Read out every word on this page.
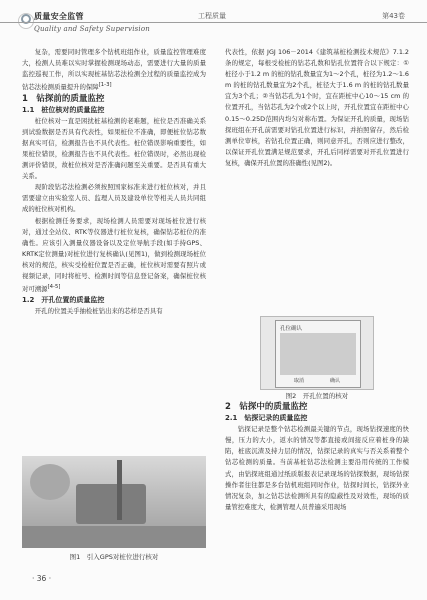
质量安全监管
Quality and Safety Supervision
工程质量	第43卷

复杂，需要同时管理多个钻机班组作业，质量监控管理难度大，检测人员难以实时掌握检测现场动态，需要进行大量的质量监控巡视工作，所以实现桩基钻芯法检测全过程的质量监控成为钻芯法检测质量提升的保障[1-3]

1　钻探前的质量监控

1.1　桩位核对的质量监控

桩位核对一直是困扰桩基检测的老难题，桩位是否准确关系到试验数据是否具有代表性，如果桩位不准确，即便桩位钻芯数据真实可信，检测报告也不具代表性。桩位错误影响重要性，如果桩位错误，检测报告也不具代表性。桩位错误时，必然出现检测评价错误，故桩位核对是否准确问题至关重要。是否具有重大关系。

现阶段钻芯法检测必须按照国家标准来进行桩位核对，并且需要建立由实验室人员、监理人员及建设单位等相关人员共同组成的桩位核对机构。

根据检测任务要求，现场检测人员需要对现场桩位进行核对，通过全站仪、RTK等仪器进行桩位复核，确保钻芯桩位的准确性。应该引入测量仪器设备以及定位导航手段(如手持GPS、KRTK定位测量)对桩位进行复核确认(见图1)，做到检测现场桩位核对的规范，核实受检桩位置是否正确，桩位核对需要有照片或视频记录，同时将桩号、检测时间等信息登记备案，确保桩位核对可溯源[4-5]

1.2　开孔位置的质量监控

开孔的位置关乎抽检桩钻出来的芯样是否具有

图1　引入GPS对桩位进行核对

代表性，依据 JGJ 106－2014《建筑基桩检测技术规范》7.1.2 条的规定，每根受检桩的钻芯孔数和钻孔位置符合以下规定：①桩径小于1.2 m 的桩的钻孔数量宜为1～2个孔，桩径为1.2～1.6 m 的桩的钻孔数量宜为2个孔，桩径大于1.6 m 的桩的钻孔数量宜为3个孔；②当钻芯孔为1个时，宜在距桩中心10～15 cm 的位置开孔，当钻芯孔为2个或2个以上时，开孔位置宜在距桩中心0.15～0.25D范围内均匀对称布置。为保证开孔的质量，现场钻探班组在开孔前需要对钻孔位置进行标识，并拍照留存，然后检测单位审核，若钻孔位置正确，则同意开孔，否则应进行整改，以保证开孔位置满足规范要求，开孔后同样需要对开孔位置进行复核，确保开孔位置的准确性(见图2)。

孔位确认
取消	确认
图2　开孔位置的核对

2　钻探中的质量监控

2.1　钻探记录的质量监控

钻探记录是整个钻芯检测最关键的节点，现场钻探速度的快慢，压力的大小，返水的情况等都直接或间接反应着桩身的缺陷，桩底沉渣及持力层的情况，钻探记录的真实与否关系着整个钻芯检测的质量。当前基桩钻芯法检测主要沿用传统的工作模式，由钻探班组通过纸质版报表记录现场的钻探数据，现场钻探操作者往往都是多台钻机班组同时作业，钻探时间长，钻探外业情况复杂，加之钻芯法检测所具有的隐蔽性及对效性，现场的质量管控难度大，检测管理人员普遍采用现场

· 36 ·
